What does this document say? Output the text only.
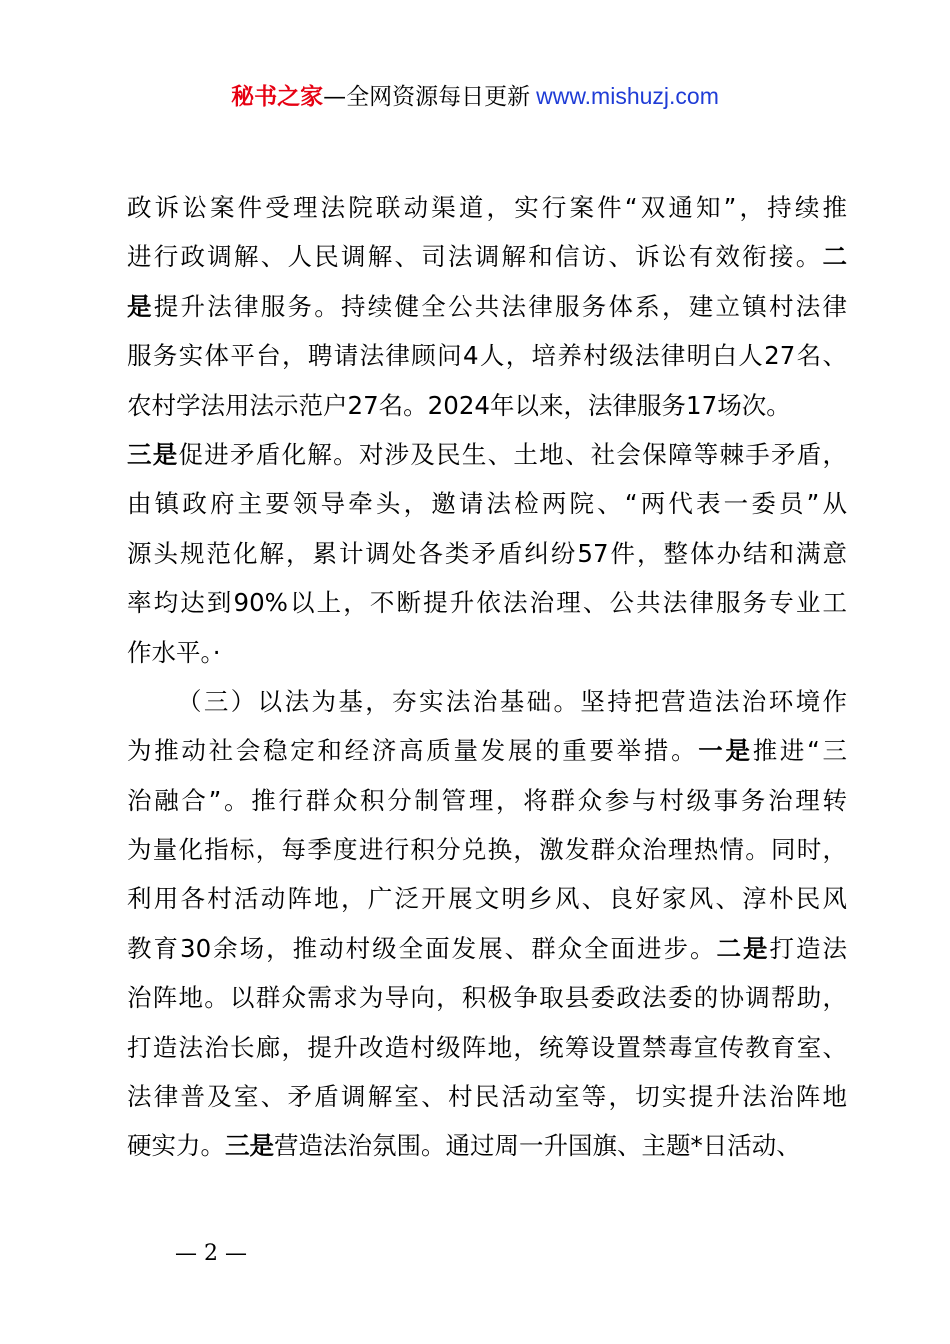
秘书之家—全网资源每日更新 www.mishuzj.com
政诉讼案件受理法院联动渠道，实行案件“双通知”，持续推
进行政调解、人民调解、司法调解和信访、诉讼有效衔接。二
是提升法律服务。持续健全公共法律服务体系，建立镇村法律
服务实体平台，聘请法律顾问4人，培养村级法律明白人27名、
农村学法用法示范户27名。2024年以来，法律服务17场次。
三是促进矛盾化解。对涉及民生、土地、社会保障等棘手矛盾，
由镇政府主要领导牵头，邀请法检两院、“两代表一委员”从
源头规范化解，累计调处各类矛盾纠纷57件，整体办结和满意
率均达到90%以上，不断提升依法治理、公共法律服务专业工
作水平。·
（三）以法为基，夯实法治基础。坚持把营造法治环境作
为推动社会稳定和经济高质量发展的重要举措。一是推进“三
治融合”。推行群众积分制管理，将群众参与村级事务治理转
为量化指标，每季度进行积分兑换，激发群众治理热情。同时，
利用各村活动阵地，广泛开展文明乡风、良好家风、淳朴民风
教育30余场，推动村级全面发展、群众全面进步。二是打造法
治阵地。以群众需求为导向，积极争取县委政法委的协调帮助，
打造法治长廊，提升改造村级阵地，统筹设置禁毒宣传教育室、
法律普及室、矛盾调解室、村民活动室等，切实提升法治阵地
硬实力。三是营造法治氛围。通过周一升国旗、主题*日活动、
— 2 —
